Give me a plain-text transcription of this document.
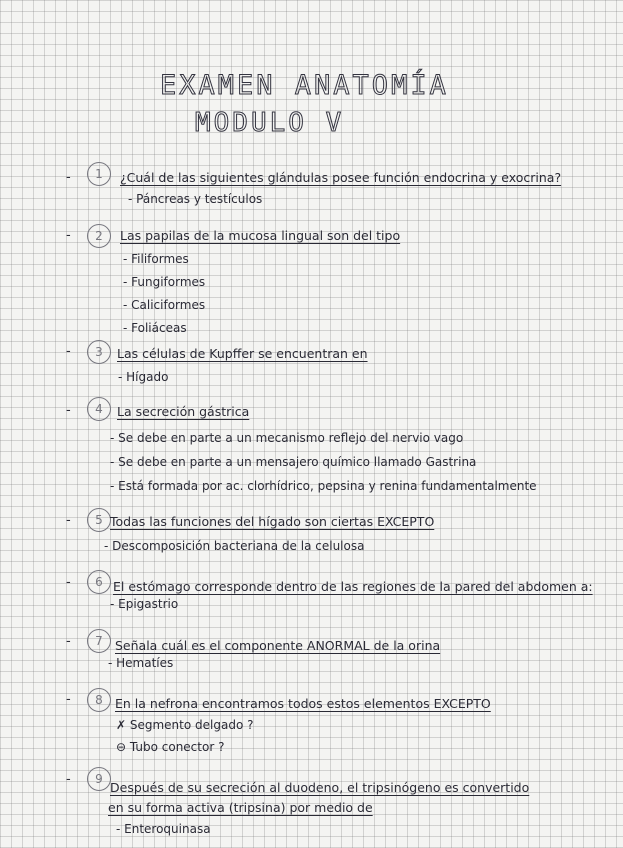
EXAMEN ANATOMÍA
MODULO V
-	1	¿Cuál de las siguientes glándulas posee función endocrina y exocrina?
- Páncreas y testículos
-	2	Las papilas de la mucosa lingual son del tipo
- Filiformes
- Fungiformes
- Caliciformes
- Foliáceas
-	3	Las células de Kupffer se encuentran en
- Hígado
-	4	La secreción gástrica
- Se debe en parte a un mecanismo reflejo del nervio vago
- Se debe en parte a un mensajero químico llamado Gastrina
- Está formada por ac. clorhídrico, pepsina y renina fundamentalmente
-	5 Todas las funciones del hígado son ciertas EXCEPTO
- Descomposición bacteriana de la celulosa
-	6 El estómago corresponde dentro de las regiones de la pared del abdomen a:
- Epigastrio
-	7 Señala cuál es el componente ANORMAL de la orina
- Hematíes
-	8 En la nefrona encontramos todos estos elementos EXCEPTO
✗ Segmento delgado ?
⊖ Tubo conector ?
-	9
Después de su secreción al duodeno, el tripsinógeno es convertido
en su forma activa (tripsina) por medio de
- Enteroquinasa
